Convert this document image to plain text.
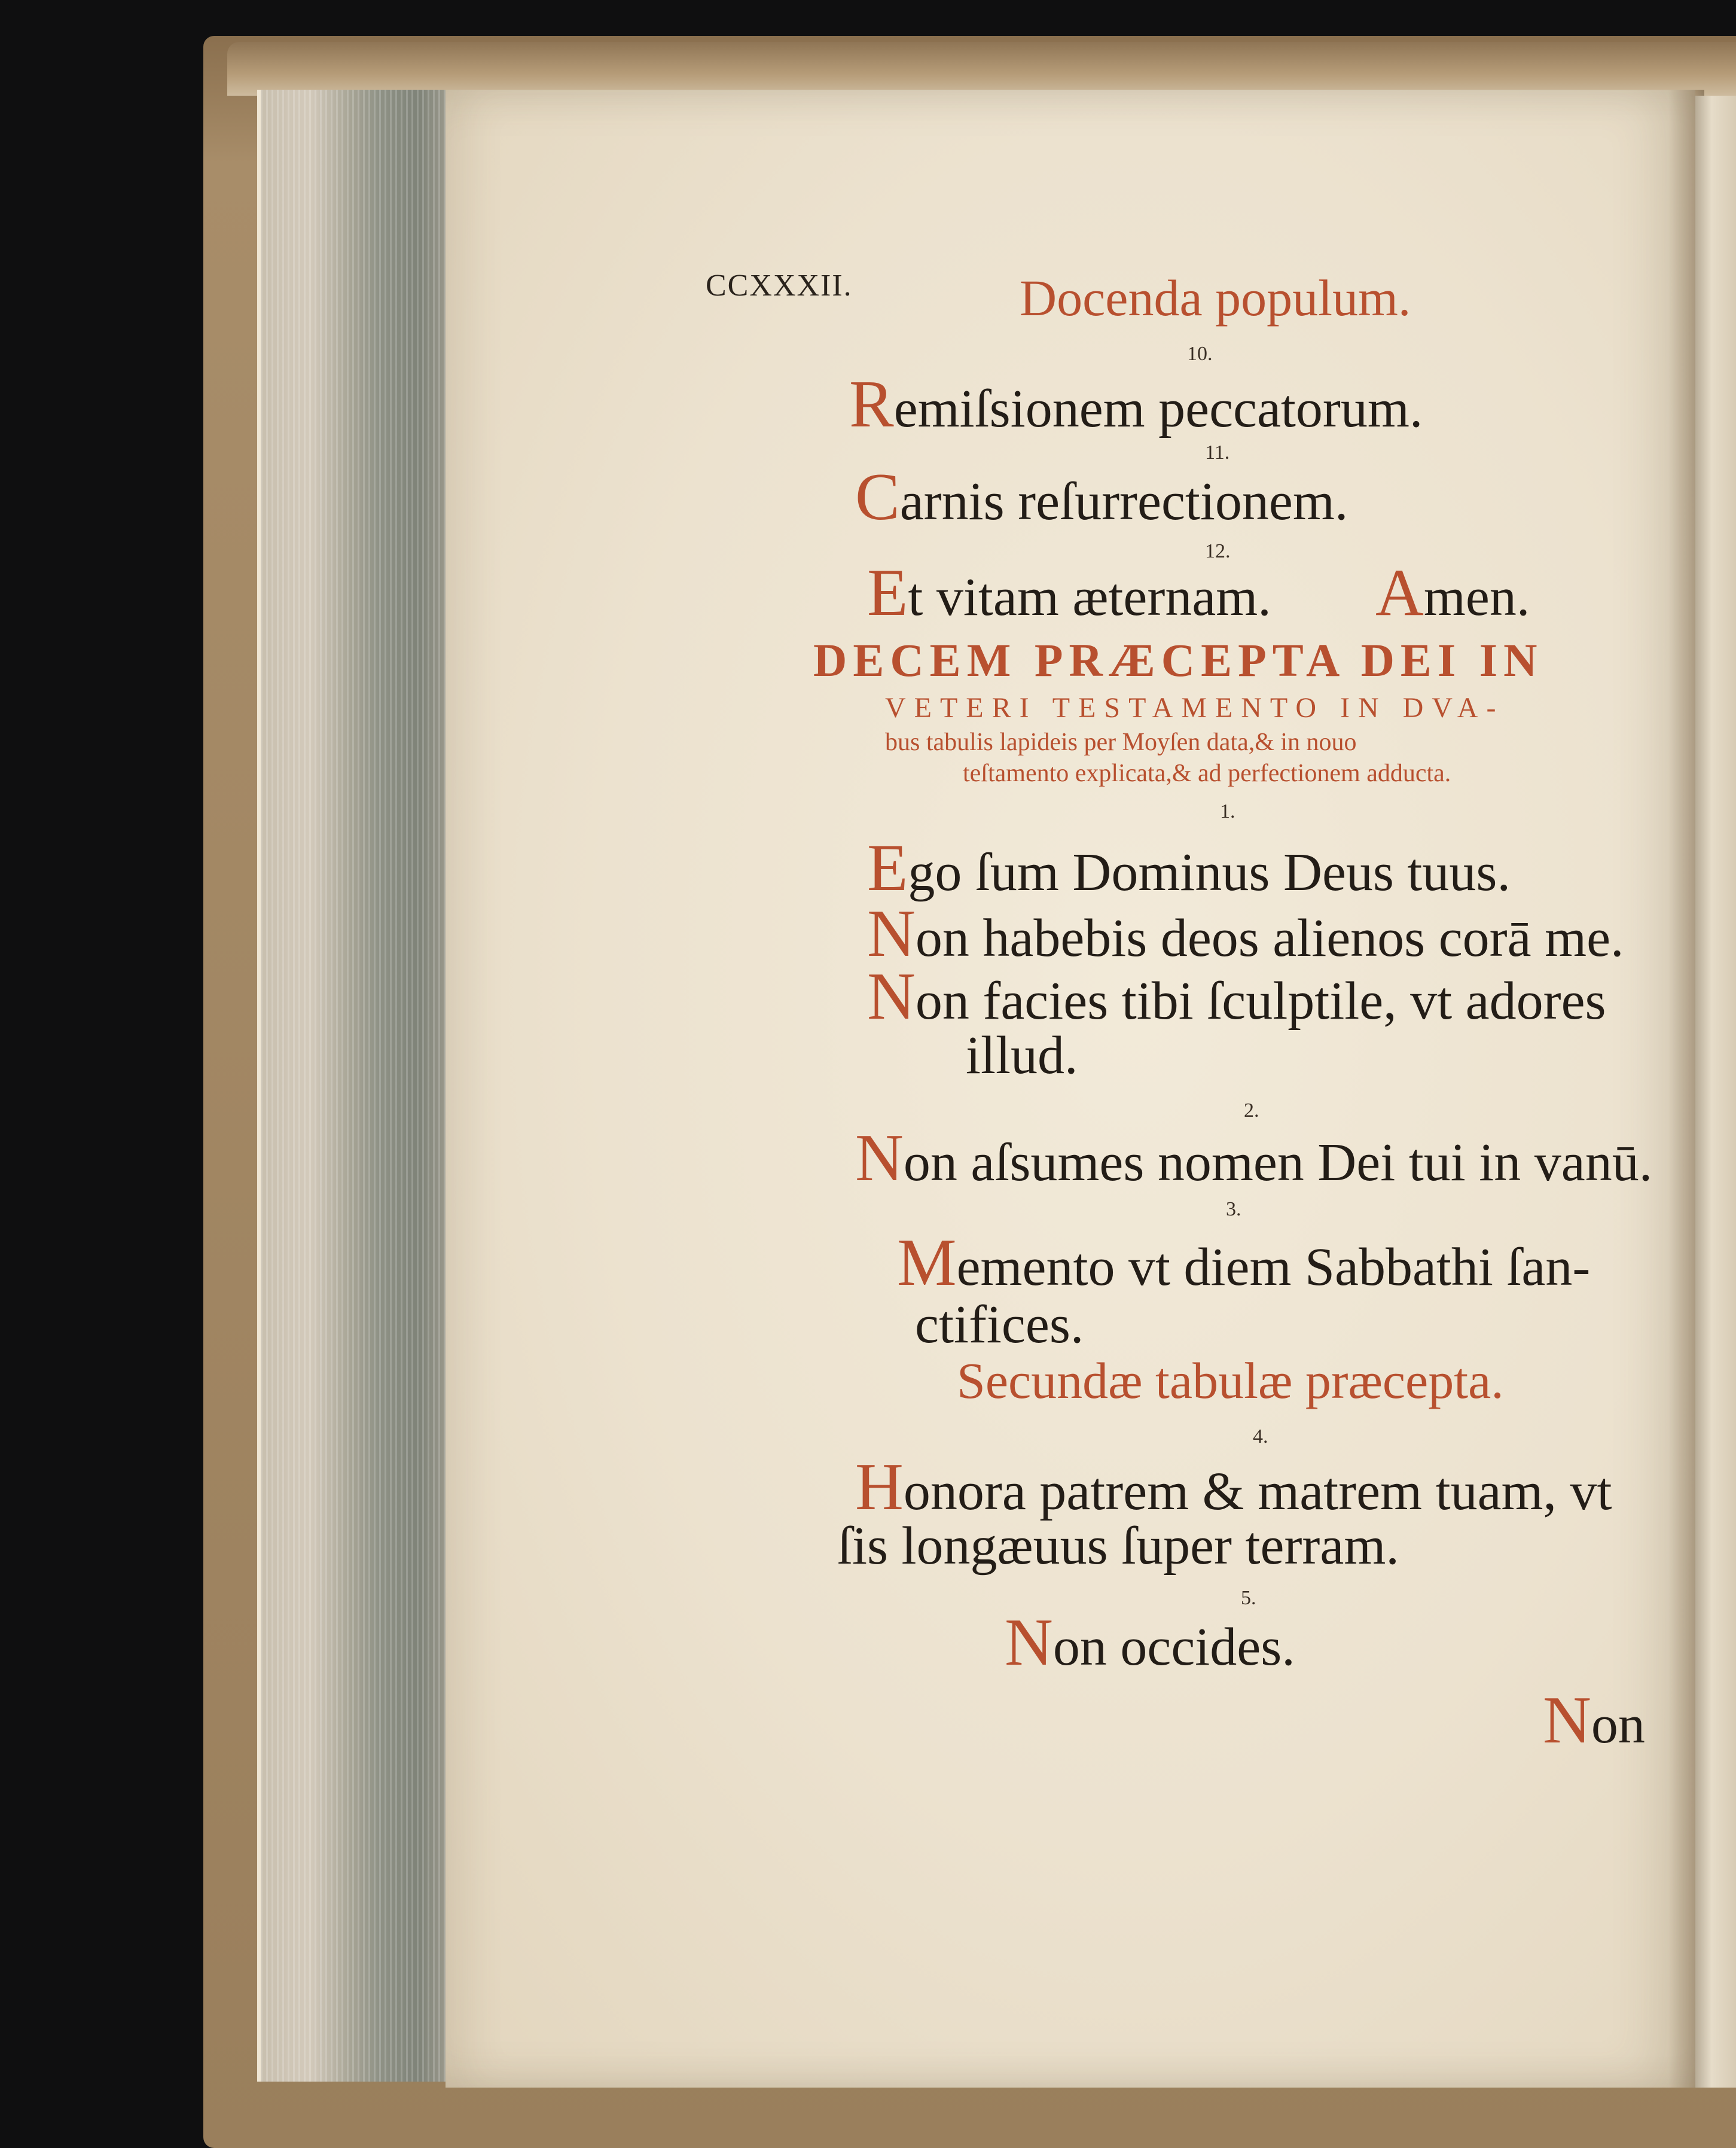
CCXXXII.	Docenda populum.
10.
Remiſsionem peccatorum.
11.
Carnis reſurrectionem.
12.
Et vitam æternam. Amen.
DECEM PRÆCEPTA DEI IN
VETERI TESTAMENTO IN DVA-
bus tabulis lapideis per Moyſen data,& in nouo
teſtamento explicata,& ad perfectionem adducta.
1.
Ego ſum Dominus Deus tuus.
Non habebis deos alienos corā me.
Non facies tibi ſculptile, vt adores
illud.
2.
Non aſsumes nomen Dei tui in vanū.
3.
Memento vt diem Sabbathi ſan-
ctifices.
Secundæ tabulæ præcepta.
4.
Honora patrem & matrem tuam, vt
ſis longæuus ſuper terram.
5.
Non occides.
Non
